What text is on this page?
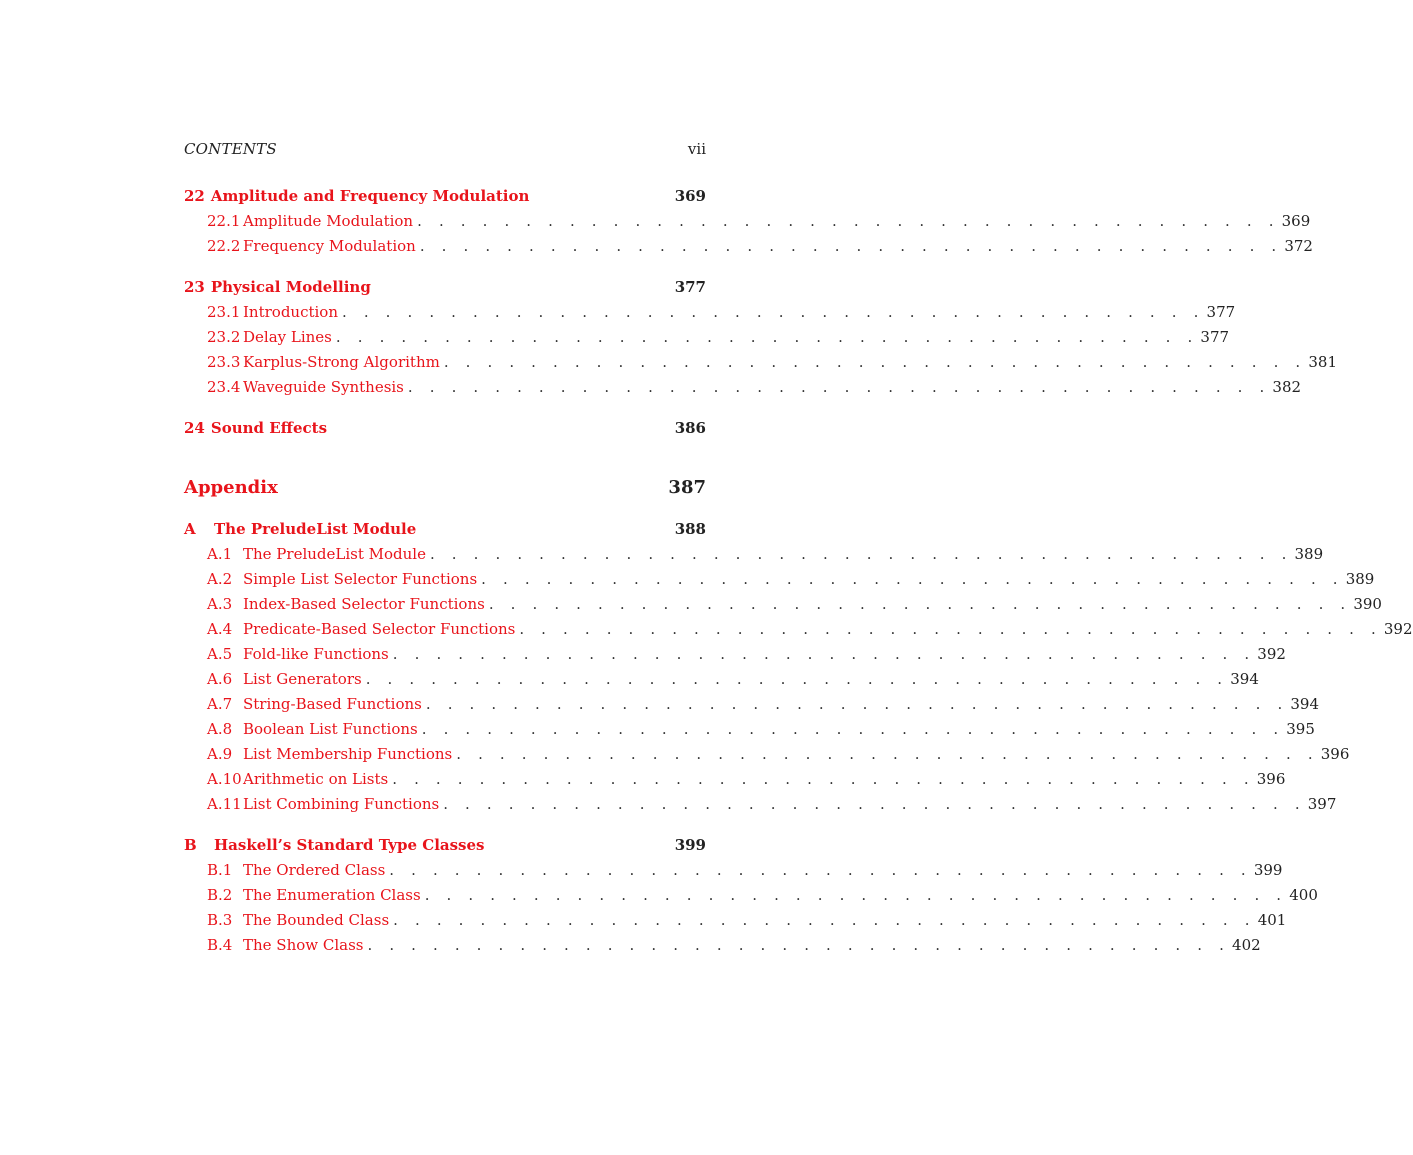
CONTENTS	vii
22 Amplitude and Frequency Modulation	369
22.1 Amplitude Modulation . . . . . . . . . . . . . . . . . . . . . . . . . . . . . . . . . . . . . . . . 369
22.2 Frequency Modulation . . . . . . . . . . . . . . . . . . . . . . . . . . . . . . . . . . . . . . . . 372
23 Physical Modelling	377
23.1 Introduction . . . . . . . . . . . . . . . . . . . . . . . . . . . . . . . . . . . . . . . . 377
23.2 Delay Lines . . . . . . . . . . . . . . . . . . . . . . . . . . . . . . . . . . . . . . . . 377
23.3 Karplus-Strong Algorithm . . . . . . . . . . . . . . . . . . . . . . . . . . . . . . . . . . . . . . . . 381
23.4 Waveguide Synthesis . . . . . . . . . . . . . . . . . . . . . . . . . . . . . . . . . . . . . . . . 382
24 Sound Effects	386
Appendix	387
A	The PreludeList Module	388
A.1 The PreludeList Module . . . . . . . . . . . . . . . . . . . . . . . . . . . . . . . . . . . . . . . . 389
A.2 Simple List Selector Functions . . . . . . . . . . . . . . . . . . . . . . . . . . . . . . . . . . . . . . . . 389
A.3 Index-Based Selector Functions . . . . . . . . . . . . . . . . . . . . . . . . . . . . . . . . . . . . . . . . 390
A.4 Predicate-Based Selector Functions . . . . . . . . . . . . . . . . . . . . . . . . . . . . . . . . . . . . . . . . 392
A.5 Fold-like Functions . . . . . . . . . . . . . . . . . . . . . . . . . . . . . . . . . . . . . . . . 392
A.6 List Generators . . . . . . . . . . . . . . . . . . . . . . . . . . . . . . . . . . . . . . . . 394
A.7 String-Based Functions . . . . . . . . . . . . . . . . . . . . . . . . . . . . . . . . . . . . . . . . 394
A.8 Boolean List Functions . . . . . . . . . . . . . . . . . . . . . . . . . . . . . . . . . . . . . . . . 395
A.9 List Membership Functions . . . . . . . . . . . . . . . . . . . . . . . . . . . . . . . . . . . . . . . . 396
A.10 Arithmetic on Lists . . . . . . . . . . . . . . . . . . . . . . . . . . . . . . . . . . . . . . . . 396
A.11 List Combining Functions . . . . . . . . . . . . . . . . . . . . . . . . . . . . . . . . . . . . . . . . 397
B	Haskell’s Standard Type Classes	399
B.1 The Ordered Class . . . . . . . . . . . . . . . . . . . . . . . . . . . . . . . . . . . . . . . . 399
B.2 The Enumeration Class . . . . . . . . . . . . . . . . . . . . . . . . . . . . . . . . . . . . . . . . 400
B.3 The Bounded Class . . . . . . . . . . . . . . . . . . . . . . . . . . . . . . . . . . . . . . . . 401
B.4 The Show Class . . . . . . . . . . . . . . . . . . . . . . . . . . . . . . . . . . . . . . . . 402
